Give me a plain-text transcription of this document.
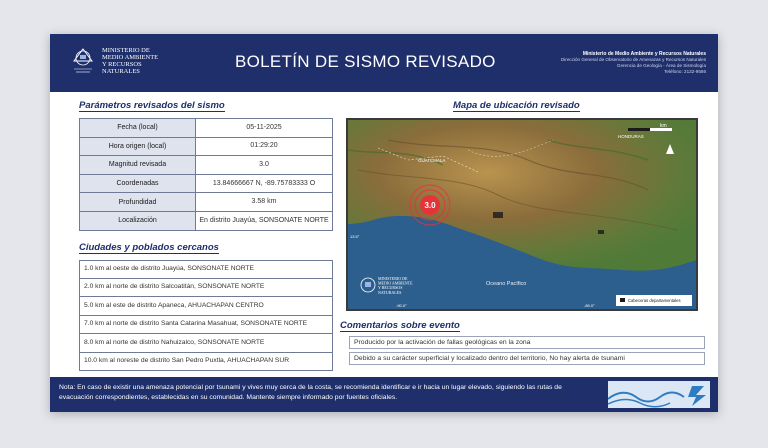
MINISTERIO DE
MEDIO AMBIENTE
Y RECURSOS
NATURALES
BOLETÍN DE SISMO REVISADO	Ministerio de Medio Ambiente y Recursos Naturales
Dirección General de Observatorio de Amenazas y Recursos Naturales
Gerencia de Geología - Área de Sismología
Teléfono: 2132-9586
Parámetros revisados del sismo
Fecha (local)	05-11-2025
Hora origen (local)	01:29:20
Magnitud revisada	3.0
Coordenadas	13.84666667 N, -89.75783333 O
Profundidad	3.58 km
Localización	En distrito Juayúa, SONSONATE NORTE
Ciudades y poblados cercanos
1.0 km al oeste de distrito Juayúa, SONSONATE NORTE
2.0 km al norte de distrito Salcoatitán, SONSONATE NORTE
5.0 km al este de distrito Apaneca, AHUACHAPAN CENTRO
7.0 km al norte de distrito Santa Catarina Masahuat, SONSONATE NORTE
8.0 km al norte de distrito Nahuizalco, SONSONATE NORTE
10.0 km al noreste de distrito San Pedro Puxtla, AHUACHAPAN SUR
Mapa de ubicación revisado
3.0
GUATEMALA
HONDURAS
Oceano Pacífico
km
Cabeceras departamentales
MINISTERIO DE MEDIO AMBIENTE Y RECURSOS NATURALES
13.5°
-90.0°	-89.0°
Comentarios sobre evento
Producido por la activación de fallas geológicas en la zona
Debido a su carácter superficial y localizado dentro del territorio, No hay alerta de tsunami
Nota: En caso de existir una amenaza potencial por tsunami y vives muy cerca de la costa, se recomienda identificar e ir hacia un lugar elevado, siguiendo las rutas de evacuación correspondientes, establecidas en su comunidad. Mantente siempre informado por fuentes oficiales.
